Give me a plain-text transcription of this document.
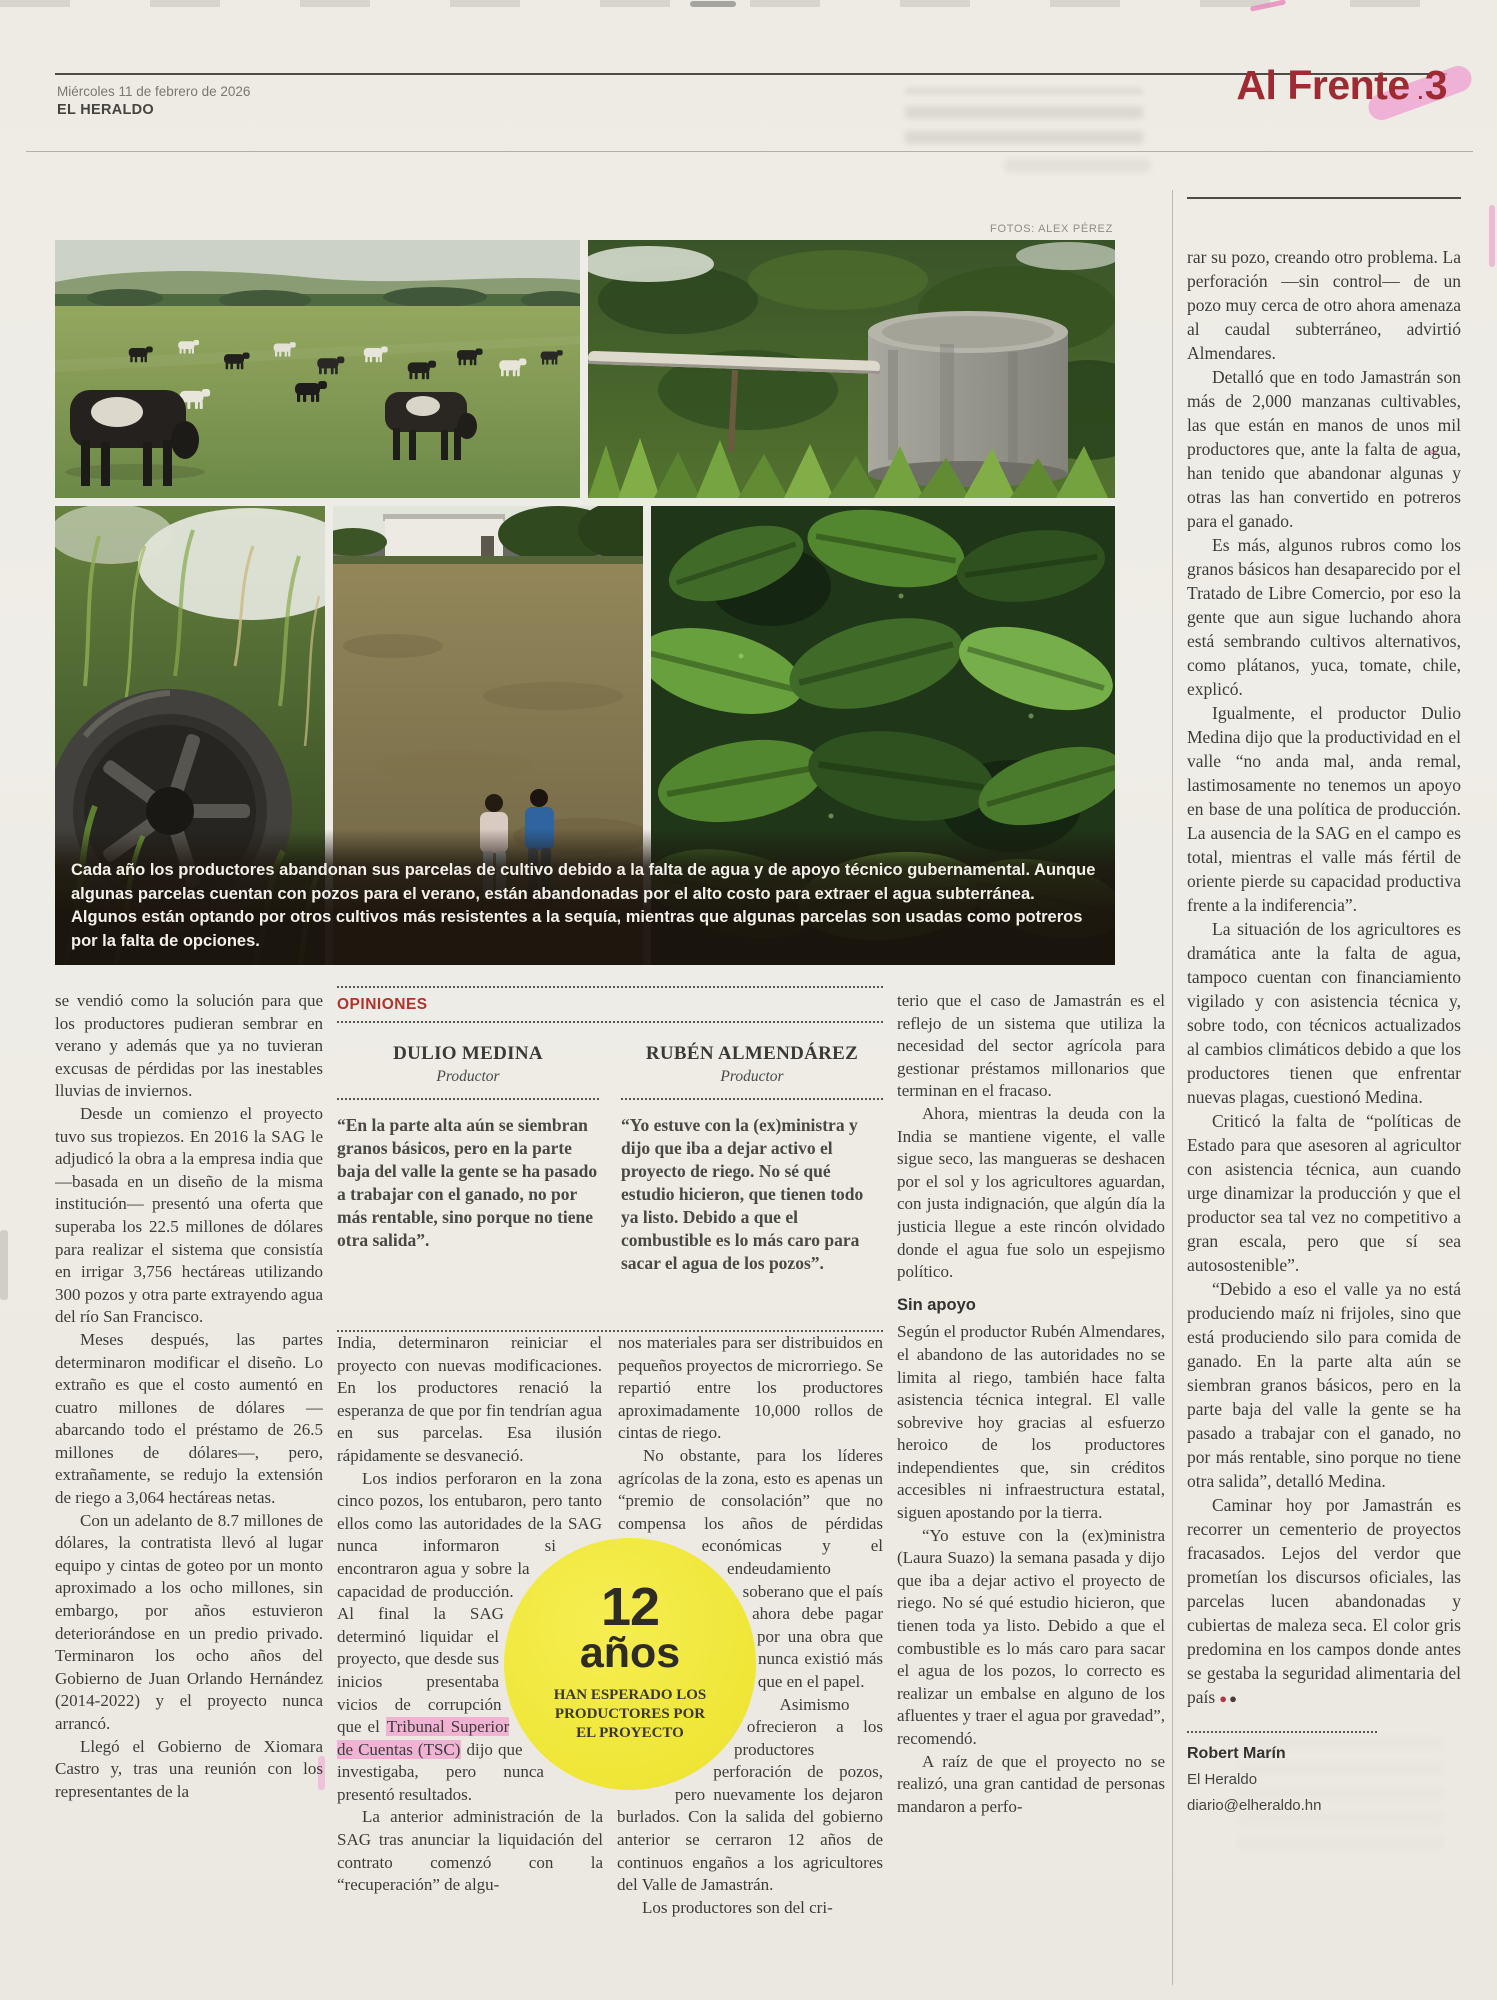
Miércoles 11 de febrero de 2026
EL HERALDO
Al Frente .3
FOTOS: ALEX PÉREZ
Cada año los productores abandonan sus parcelas de cultivo debido a la falta de agua y de apoyo técnico gubernamental. Aunque algunas parcelas cuentan con pozos para el verano, están abandonadas por el alto costo para extraer el agua subterránea. Algunos están optando por otros cultivos más resistentes a la sequía, mientras que algunas parcelas son usadas como potreros por la falta de opciones.
OPINIONES
DULIO MEDINA
Productor
“En la parte alta aún se siembran granos básicos, pero en la parte baja del valle la gente se ha pasado a trabajar con el ganado, no por más rentable, sino porque no tiene otra salida”.
RUBÉN ALMENDÁREZ
Productor
“Yo estuve con la (ex)ministra y dijo que iba a dejar activo el proyecto de riego. No sé qué estudio hicieron, que tienen todo ya listo. Debido a que el combustible es lo más caro para sacar el agua de los pozos”.

se vendió como la solución para que los productores pudieran sembrar en verano y además que ya no tuvieran excusas de pérdidas por las inestables lluvias de inviernos.

Desde un comienzo el proyecto tuvo sus tropiezos. En 2016 la SAG le adjudicó la obra a la empresa india que —basada en un diseño de la misma institución— presentó una oferta que superaba los 22.5 millones de dólares para realizar el sistema que consistía en irrigar 3,756 hectáreas utilizando 300 pozos y otra parte extrayendo agua del río San Francisco.

Meses después, las partes determinaron modificar el diseño. Lo extraño es que el costo aumentó en cuatro millones de dólares —abarcando todo el préstamo de 26.5 millones de dólares—, pero, extrañamente, se redujo la extensión de riego a 3,064 hectáreas netas.

Con un adelanto de 8.7 millones de dólares, la contratista llevó al lugar equipo y cintas de goteo por un monto aproximado a los ocho millones, sin embargo, por años estuvieron deteriorándose en un predio privado. Terminaron los ocho años del Gobierno de Juan Orlando Hernández (2014-2022) y el proyecto nunca arrancó.

Llegó el Gobierno de Xiomara Castro y, tras una reunión con los representantes de la

India, determinaron reiniciar el proyecto con nuevas modificaciones. En los productores renació la esperanza de que por fin tendrían agua en sus parcelas. Esa ilusión rápidamente se desvaneció.

Los indios perforaron en la zona cinco pozos, los entubaron, pero tanto ellos como las autoridades de la SAG nunca informaron si encontraron agua y sobre la capacidad de producción. Al final la SAG determinó liquidar el proyecto, que desde sus inicios presentaba vicios de corrupción que el Tribunal Superior de Cuentas (TSC) dijo que investigaba, pero nunca presentó resultados.

La anterior administración de la SAG tras anunciar la liquidación del contrato comenzó con la “recuperación” de algu-

nos materiales para ser distribuidos en pequeños proyectos de microrriego. Se repartió entre los productores aproximadamente 10,000 rollos de cintas de riego.

No obstante, para los líderes agrícolas de la zona, esto es apenas un “premio de consolación” que no compensa los años de pérdidas económicas y el endeudamiento soberano que el país ahora debe pagar por una obra que nunca existió más que en el papel.

Asimismo ofrecieron a los productores perforación de pozos, pero nuevamente los dejaron burlados. Con la salida del gobierno anterior se cerraron 12 años de continuos engaños a los agricultores del Valle de Jamastrán.

Los productores son del cri-

terio que el caso de Jamastrán es el reflejo de un sistema que utiliza la necesidad del sector agrícola para gestionar préstamos millonarios que terminan en el fracaso.

Ahora, mientras la deuda con la India se mantiene vigente, el valle sigue seco, las mangueras se deshacen por el sol y los agricultores aguardan, con justa indignación, que algún día la justicia llegue a este rincón olvidado donde el agua fue solo un espejismo político.

Sin apoyo

Según el productor Rubén Almendares, el abandono de las autoridades no se limita al riego, también hace falta asistencia técnica integral. El valle sobrevive hoy gracias al esfuerzo heroico de los productores independientes que, sin créditos accesibles ni infraestructura estatal, siguen apostando por la tierra.

“Yo estuve con la (ex)ministra (Laura Suazo) la semana pasada y dijo que iba a dejar activo el proyecto de riego. No sé qué estudio hicieron, que tienen toda ya listo. Debido a que el combustible es lo más caro para sacar el agua de los pozos, lo correcto es realizar un embalse en alguno de los afluentes y traer el agua por gravedad”, recomendó.

A raíz de que el proyecto no se realizó, una gran cantidad de personas mandaron a perfo-

rar su pozo, creando otro problema. La perforación —sin control— de un pozo muy cerca de otro ahora amenaza al caudal subterráneo, advirtió Almendares.

Detalló que en todo Jamastrán son más de 2,000 manzanas cultivables, las que están en manos de unos mil productores que, ante la falta de agua, han tenido que abandonar algunas y otras las han convertido en potreros para el ganado.

Es más, algunos rubros como los granos básicos han desaparecido por el Tratado de Libre Comercio, por eso la gente que aun sigue luchando ahora está sembrando cultivos alternativos, como plátanos, yuca, tomate, chile, explicó.

Igualmente, el productor Dulio Medina dijo que la productividad en el valle “no anda mal, anda remal, lastimosamente no tenemos un apoyo en base de una política de producción. La ausencia de la SAG en el campo es total, mientras el valle más fértil de oriente pierde su capacidad productiva frente a la indiferencia”.

La situación de los agricultores es dramática ante la falta de agua, tampoco cuentan con financiamiento vigilado y con asistencia técnica y, sobre todo, con técnicos actualizados al cambios climáticos debido a que los productores tienen que enfrentar nuevas plagas, cuestionó Medina.

Criticó la falta de “políticas de Estado para que asesoren al agricultor con asistencia técnica, aun cuando urge dinamizar la producción y que el productor sea tal vez no competitivo a gran escala, pero que sí sea autosostenible”.

“Debido a eso el valle ya no está produciendo maíz ni frijoles, sino que está produciendo silo para comida de ganado. En la parte alta aún se siembran granos básicos, pero en la parte baja del valle la gente se ha pasado a trabajar con el ganado, no por más rentable, sino porque no tiene otra salida”, detalló Medina.

Caminar hoy por Jamastrán es recorrer un cementerio de proyectos fracasados. Lejos del verdor que prometían los discursos oficiales, las parcelas lucen abandonadas y cubiertas de maleza seca. El color gris predomina en los campos donde antes se gestaba la seguridad alimentaria del país ● ●

Robert Marín
El Heraldo
diario@elheraldo.hn
12
años
HAN ESPERADO LOS PRODUCTORES POR EL PROYECTO
